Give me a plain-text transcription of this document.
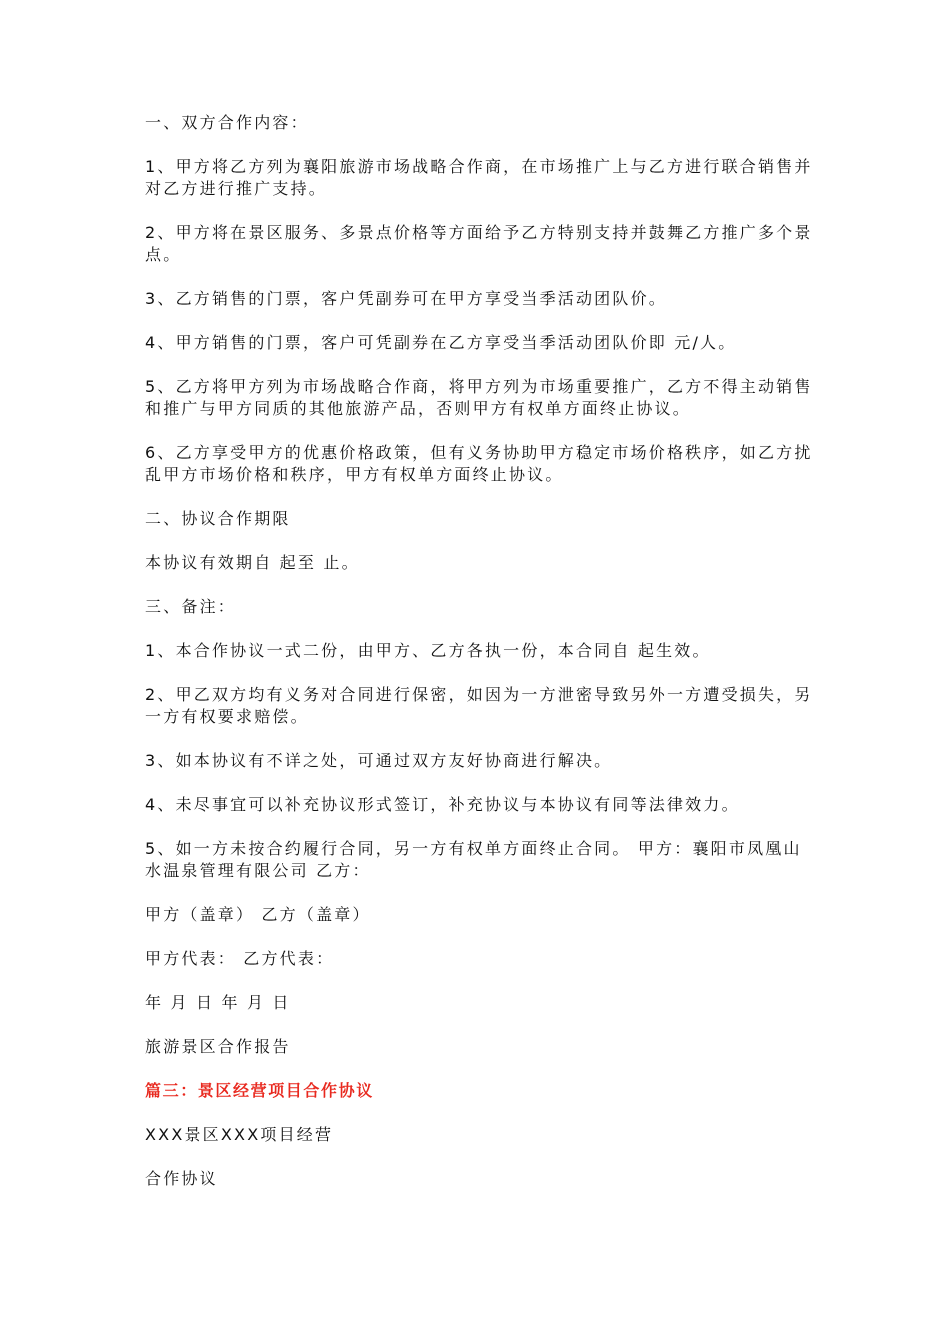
一、双方合作内容：

1、甲方将乙方列为襄阳旅游市场战略合作商，在市场推广上与乙方进行联合销售并对乙方进行推广支持。

2、甲方将在景区服务、多景点价格等方面给予乙方特别支持并鼓舞乙方推广多个景点。

3、乙方销售的门票，客户凭副券可在甲方享受当季活动团队价。

4、甲方销售的门票，客户可凭副券在乙方享受当季活动团队价即 元/人。

5、乙方将甲方列为市场战略合作商，将甲方列为市场重要推广，乙方不得主动销售和推广与甲方同质的其他旅游产品，否则甲方有权单方面终止协议。

6、乙方享受甲方的优惠价格政策，但有义务协助甲方稳定市场价格秩序，如乙方扰乱甲方市场价格和秩序，甲方有权单方面终止协议。

二、协议合作期限

本协议有效期自 起至 止。

三、备注：

1、本合作协议一式二份，由甲方、乙方各执一份，本合同自 起生效。

2、甲乙双方均有义务对合同进行保密，如因为一方泄密导致另外一方遭受损失，另一方有权要求赔偿。

3、如本协议有不详之处，可通过双方友好协商进行解决。

4、未尽事宜可以补充协议形式签订，补充协议与本协议有同等法律效力。

5、如一方未按合约履行合同，另一方有权单方面终止合同。 甲方：襄阳市凤凰山水温泉管理有限公司 乙方：

甲方（盖章） 乙方（盖章）

甲方代表： 乙方代表：

年 月 日 年 月 日

旅游景区合作报告

篇三：景区经营项目合作协议

XXX景区XXX项目经营

合作协议
